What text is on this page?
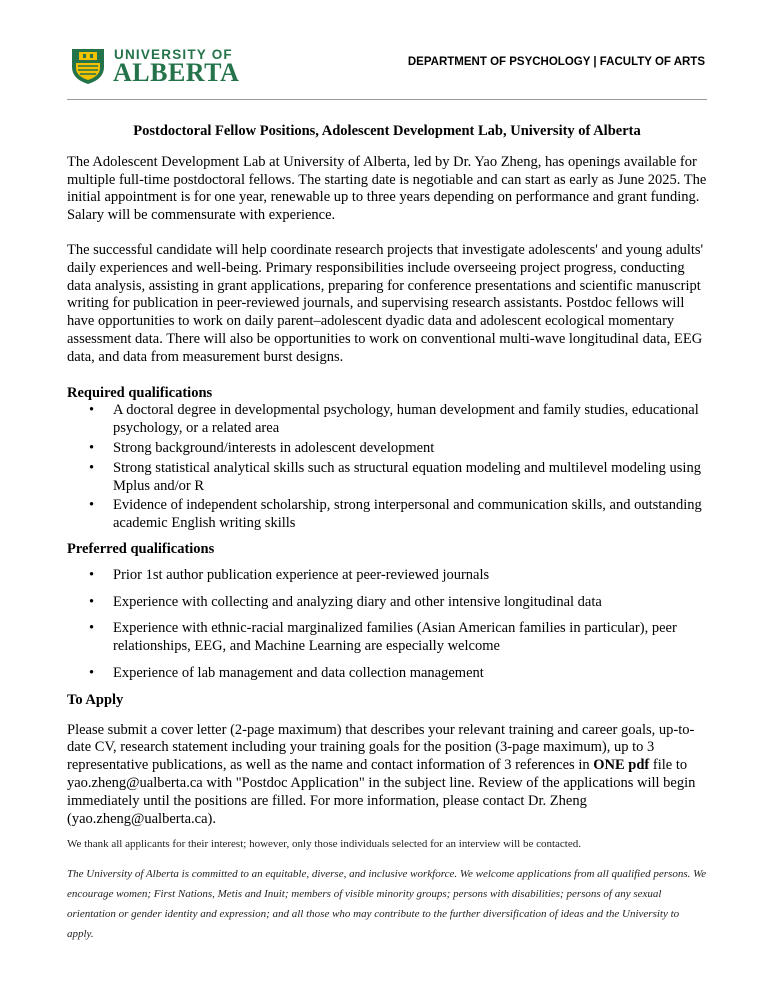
UNIVERSITY OF
ALBERTA	DEPARTMENT OF PSYCHOLOGY | FACULTY OF ARTS
Postdoctoral Fellow Positions, Adolescent Development Lab, University of Alberta

The Adolescent Development Lab at University of Alberta, led by Dr. Yao Zheng, has openings available for multiple full-time postdoctoral fellows. The starting date is negotiable and can start as early as June 2025. The initial appointment is for one year, renewable up to three years depending on performance and grant funding. Salary will be commensurate with experience.

The successful candidate will help coordinate research projects that investigate adolescents' and young adults' daily experiences and well-being. Primary responsibilities include overseeing project progress, conducting data analysis, assisting in grant applications, preparing for conference presentations and scientific manuscript writing for publication in peer-reviewed journals, and supervising research assistants. Postdoc fellows will have opportunities to work on daily parent–adolescent dyadic data and adolescent ecological momentary assessment data. There will also be opportunities to work on conventional multi-wave longitudinal data, EEG data, and data from measurement burst designs.

Required qualifications
• A doctoral degree in developmental psychology, human development and family studies, educational psychology, or a related area
• Strong background/interests in adolescent development
• Strong statistical analytical skills such as structural equation modeling and multilevel modeling using Mplus and/or R
• Evidence of independent scholarship, strong interpersonal and communication skills, and outstanding academic English writing skills
Preferred qualifications
• Prior 1st author publication experience at peer-reviewed journals
• Experience with collecting and analyzing diary and other intensive longitudinal data
• Experience with ethnic-racial marginalized families (Asian American families in particular), peer relationships, EEG, and Machine Learning are especially welcome
• Experience of lab management and data collection management
To Apply

Please submit a cover letter (2-page maximum) that describes your relevant training and career goals, up-to-date CV, research statement including your training goals for the position (3-page maximum), up to 3 representative publications, as well as the name and contact information of 3 references in ONE pdf file to yao.zheng@ualberta.ca with "Postdoc Application" in the subject line. Review of the applications will begin immediately until the positions are filled. For more information, please contact Dr. Zheng (yao.zheng@ualberta.ca).

We thank all applicants for their interest; however, only those individuals selected for an interview will be contacted.

The University of Alberta is committed to an equitable, diverse, and inclusive workforce. We welcome applications from all qualified persons. We encourage women; First Nations, Metis and Inuit; members of visible minority groups; persons with disabilities; persons of any sexual orientation or gender identity and expression; and all those who may contribute to the further diversification of ideas and the University to apply.
